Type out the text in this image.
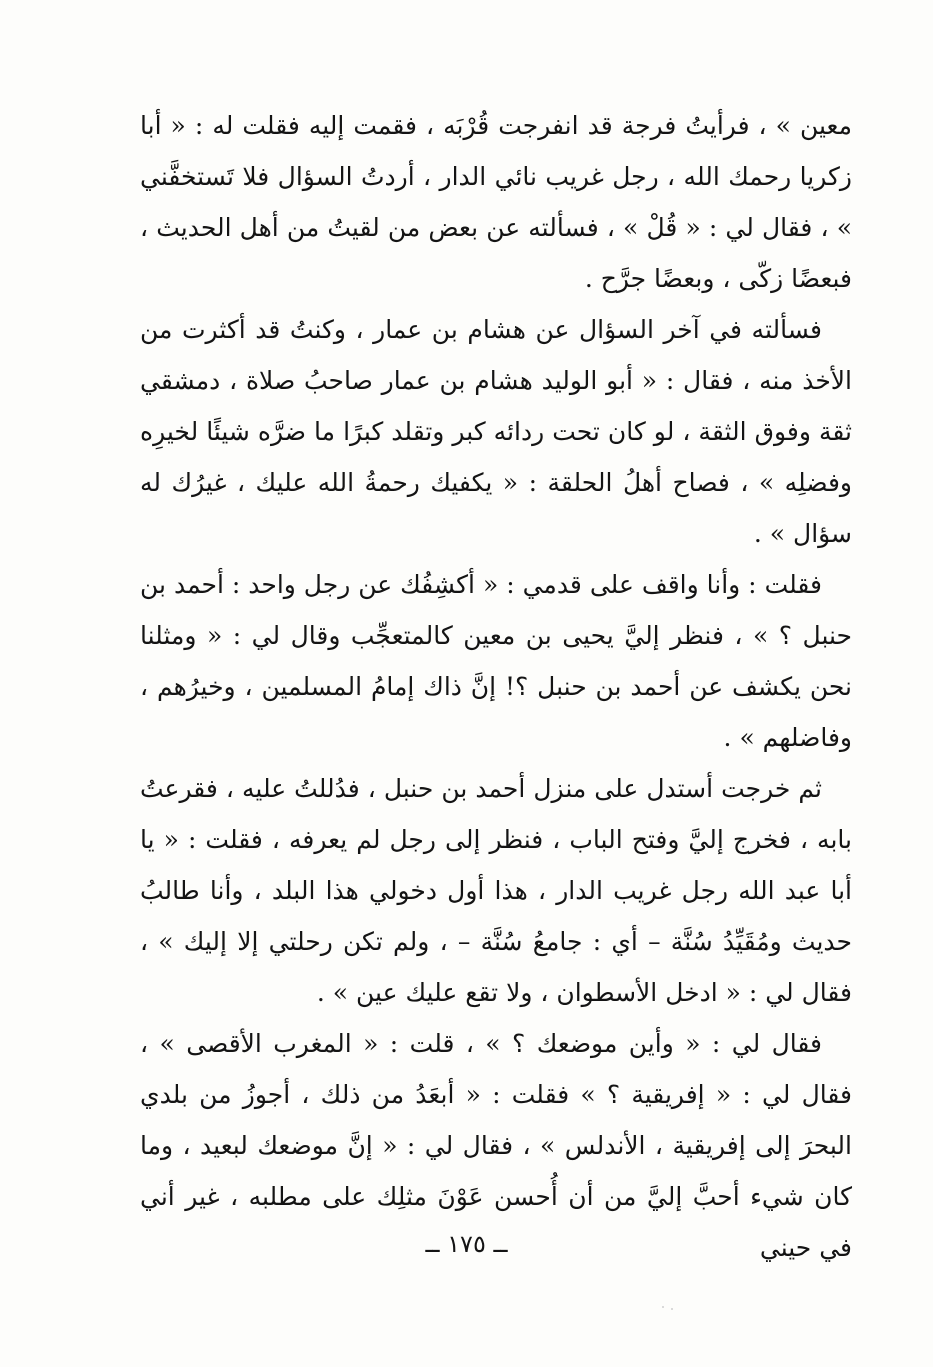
معين » ، فرأيتُ فرجة قد انفرجت قُرْبَه ، فقمت إليه فقلت له : « أبا زكريا رحمك الله ، رجل غريب نائي الدار ، أردتُ السؤال فلا تَستخفَّني » ، فقال لي : « قُلْ » ، فسألته عن بعض من لقيتُ من أهل الحديث ، فبعضًا زكّى ، وبعضًا جرَّح .

فسألته في آخر السؤال عن هشام بن عمار ، وكنتُ قد أكثرت من الأخذ منه ، فقال : « أبو الوليد هشام بن عمار صاحبُ صلاة ، دمشقي ثقة وفوق الثقة ، لو كان تحت ردائه كبر وتقلد كبرًا ما ضرَّه شيئًا لخيرِه وفضلِه » ، فصاح أهلُ الحلقة : « يكفيك رحمةُ الله عليك ، غيرُك له سؤال » .

فقلت : وأنا واقف على قدمي : « أكشِفُك عن رجل واحد : أحمد بن حنبل ؟ » ، فنظر إليَّ يحيى بن معين كالمتعجِّب وقال لي : « ومثلنا نحن يكشف عن أحمد بن حنبل ؟! إنَّ ذاك إمامُ المسلمين ، وخيرُهم ، وفاضلهم » .

ثم خرجت أستدل على منزل أحمد بن حنبل ، فدُللتُ عليه ، فقرعتُ بابه ، فخرج إليَّ وفتح الباب ، فنظر إلى رجل لم يعرفه ، فقلت : « يا أبا عبد الله رجل غريب الدار ، هذا أول دخولي هذا البلد ، وأنا طالبُ حديث ومُقَيِّدُ سُنَّة – أي : جامعُ سُنَّة – ، ولم تكن رحلتي إلا إليك » ، فقال لي : « ادخل الأسطوان ، ولا تقع عليك عين » .

فقال لي : « وأين موضعك ؟ » ، قلت : « المغرب الأقصى » ، فقال لي : « إفريقية ؟ » فقلت : « أبعَدُ من ذلك ، أجوزُ من بلدي البحرَ إلى إفريقية ، الأندلس » ، فقال لي : « إنَّ موضعك لبعيد ، وما كان شيء أحبَّ إليَّ من أن أُحسن عَوْنَ مثلِك على مطلبه ، غير أني في حيني

ــ ١٧٥ ــ
